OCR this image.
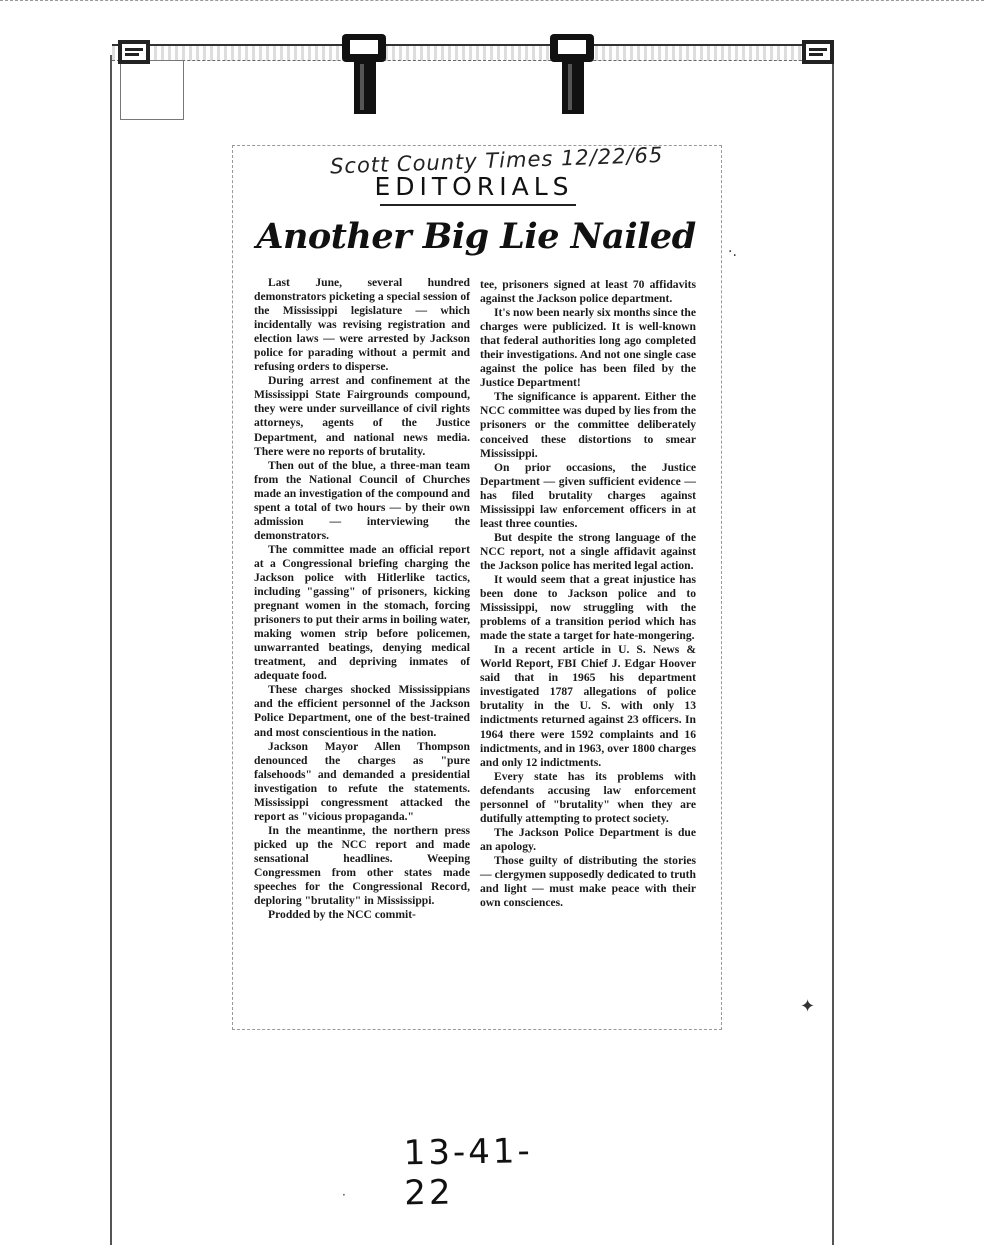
Scott County Times 12/22/65
EDITORIALS
Another Big Lie Nailed

Last June, several hundred demonstrators picketing a special session of the Mississippi legislature — which incidentally was revising registration and election laws — were arrested by Jackson police for parading without a permit and refusing orders to disperse.

During arrest and confinement at the Mississippi State Fairgrounds compound, they were under surveillance of civil rights attorneys, agents of the Justice Department, and national news media. There were no reports of brutality.

Then out of the blue, a three-man team from the National Council of Churches made an investigation of the compound and spent a total of two hours — by their own admission — interviewing the demonstrators.

The committee made an official report at a Congressional briefing charging the Jackson police with Hitlerlike tactics, including "gassing" of prisoners, kicking pregnant women in the stomach, forcing prisoners to put their arms in boiling water, making women strip before policemen, unwarranted beatings, denying medical treatment, and depriving inmates of adequate food.

These charges shocked Mississippians and the efficient personnel of the Jackson Police Department, one of the best-trained and most conscientious in the nation.

Jackson Mayor Allen Thompson denounced the charges as "pure falsehoods" and demanded a presidential investigation to refute the statements. Mississippi congressment attacked the report as "vicious propaganda."

In the meantinme, the northern press picked up the NCC report and made sensational headlines. Weeping Congressmen from other states made speeches for the Congressional Record, deploring "brutality" in Mississippi.

Prodded by the NCC commit-

tee, prisoners signed at least 70 affidavits against the Jackson police department.

It's now been nearly six months since the charges were publicized. It is well-known that federal authorities long ago completed their investigations. And not one single case against the police has been filed by the Justice Department!

The significance is apparent. Either the NCC committee was duped by lies from the prisoners or the committee deliberately conceived these distortions to smear Mississippi.

On prior occasions, the Justice Department — given sufficient evidence — has filed brutality charges against Mississippi law enforcement officers in at least three counties.

But despite the strong language of the NCC report, not a single affidavit against the Jackson police has merited legal action.

It would seem that a great injustice has been done to Jackson police and to Mississippi, now struggling with the problems of a transition period which has made the state a target for hate-mongering.

In a recent article in U. S. News & World Report, FBI Chief J. Edgar Hoover said that in 1965 his department investigated 1787 allegations of police brutality in the U. S. with only 13 indictments returned against 23 officers. In 1964 there were 1592 complaints and 16 indictments, and in 1963, over 1800 charges and only 12 indictments.

Every state has its problems with defendants accusing law enforcement personnel of "brutality" when they are dutifully attempting to protect society.

The Jackson Police Department is due an apology.

Those guilty of distributing the stories — clergymen supposedly dedicated to truth and light — must make peace with their own consciences.

·.
✦
·
13-41-22
